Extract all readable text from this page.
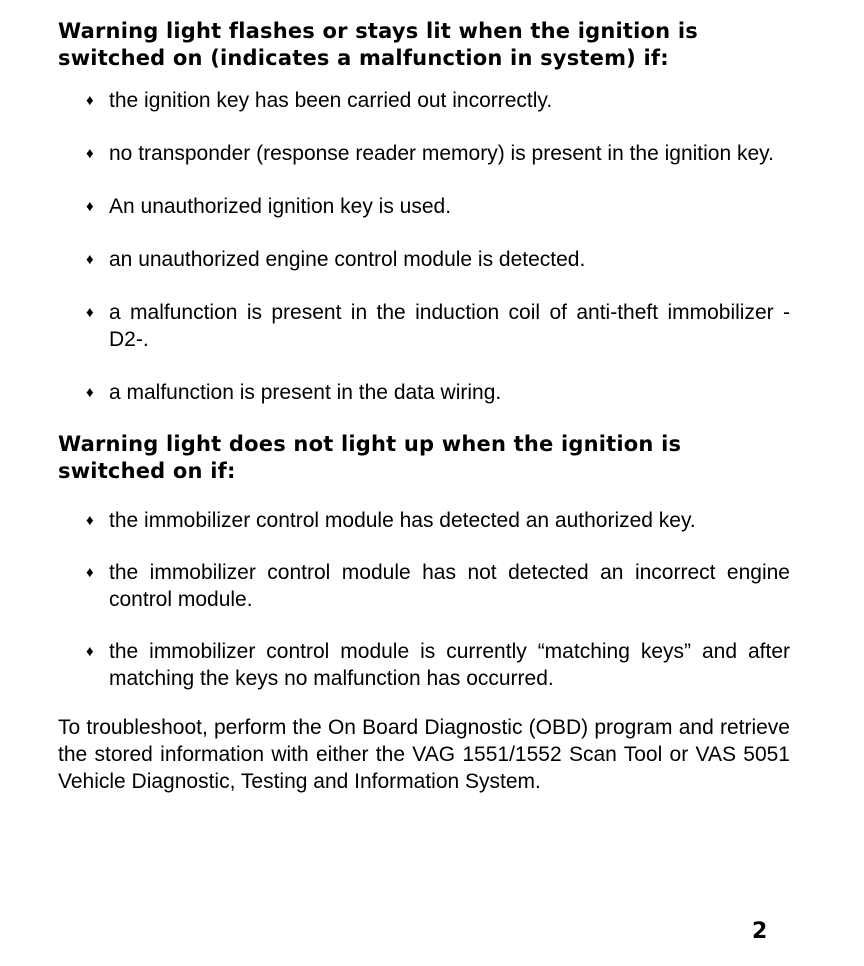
Warning light flashes or stays lit when the ignition is
switched on (indicates a malfunction in system) if:
♦ the ignition key has been carried out incorrectly.
♦ no transponder (response reader memory) is present in the ignition key.
♦ An unauthorized ignition key is used.
♦ an unauthorized engine control module is detected.
♦ a malfunction is present in the induction coil of anti-theft immobilizer -D2-.
♦ a malfunction is present in the data wiring.
Warning light does not light up when the ignition is
switched on if:
♦ the immobilizer control module has detected an authorized key.
♦ the immobilizer control module has not detected an incorrect engine control module.
♦ the immobilizer control module is currently “matching keys” and after matching the keys no malfunction has occurred.

To troubleshoot, perform the On Board Diagnostic (OBD) program and retrieve the stored information with either the VAG 1551/1552 Scan Tool or VAS 5051 Vehicle Diagnostic, Testing and Information System.

2
